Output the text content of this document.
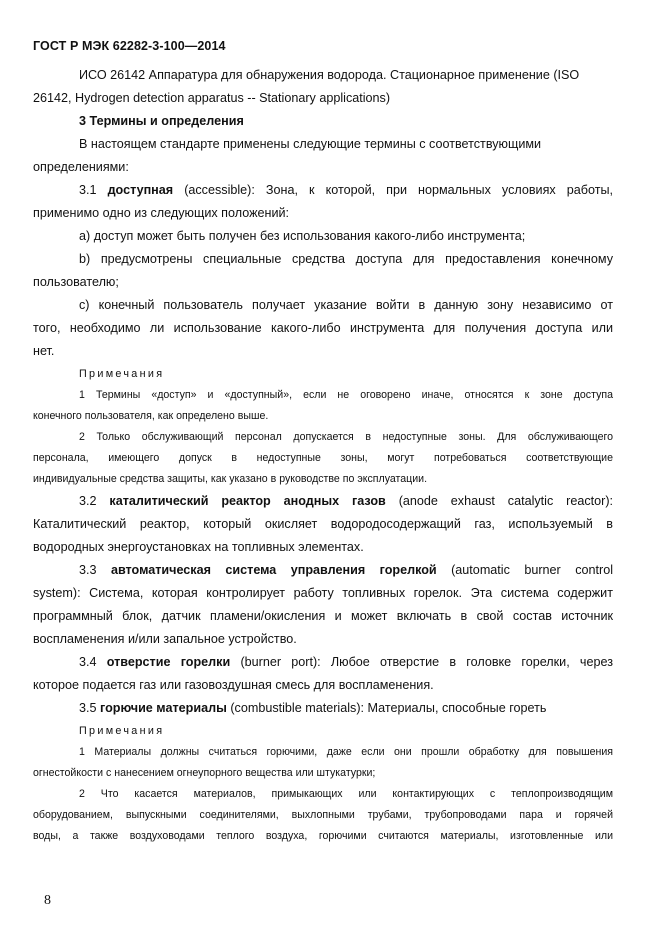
ГОСТ Р МЭК 62282-3-100—2014
ИСО 26142 Аппаратура для обнаружения водорода. Стационарное применение (ISO
26142, Hydrogen detection apparatus -- Stationary applications)
3 Термины и определения
В настоящем стандарте применены следующие термины с соответствующими
определениями:
3.1 доступная (accessible): Зона, к которой, при нормальных условиях работы,
применимо одно из следующих положений:
a) доступ может быть получен без использования какого-либо инструмента;
b) предусмотрены специальные средства доступа для предоставления конечному
пользователю;
c) конечный пользователь получает указание войти в данную зону независимо от
того, необходимо ли использование какого-либо инструмента для получения доступа или
нет.
Примечания
1 Термины «доступ» и «доступный», если не оговорено иначе, относятся к зоне доступа
конечного пользователя, как определено выше.
2 Только обслуживающий персонал допускается в недоступные зоны. Для обслуживающего
персонала, имеющего допуск в недоступные зоны, могут потребоваться соответствующие
индивидуальные средства защиты, как указано в руководстве по эксплуатации.
3.2 каталитический реактор анодных газов (anode exhaust catalytic reactor):
Каталитический реактор, который окисляет водородосодержащий газ, используемый в
водородных энергоустановках на топливных элементах.
3.3 автоматическая система управления горелкой (automatic burner control
system): Система, которая контролирует работу топливных горелок. Эта система содержит
программный блок, датчик пламени/окисления и может включать в свой состав источник
воспламенения и/или запальное устройство.
3.4 отверстие горелки (burner port): Любое отверстие в головке горелки, через
которое подается газ или газовоздушная смесь для воспламенения.
3.5 горючие материалы (combustible materials): Материалы, способные гореть
Примечания
1 Материалы должны считаться горючими, даже если они прошли обработку для повышения
огнестойкости с нанесением огнеупорного вещества или штукатурки;
2 Что касается материалов, примыкающих или контактирующих с теплопроизводящим
оборудованием, выпускными соединителями, выхлопными трубами, трубопроводами пара и горячей
воды, а также воздуховодами теплого воздуха, горючими считаются материалы, изготовленные или
8
